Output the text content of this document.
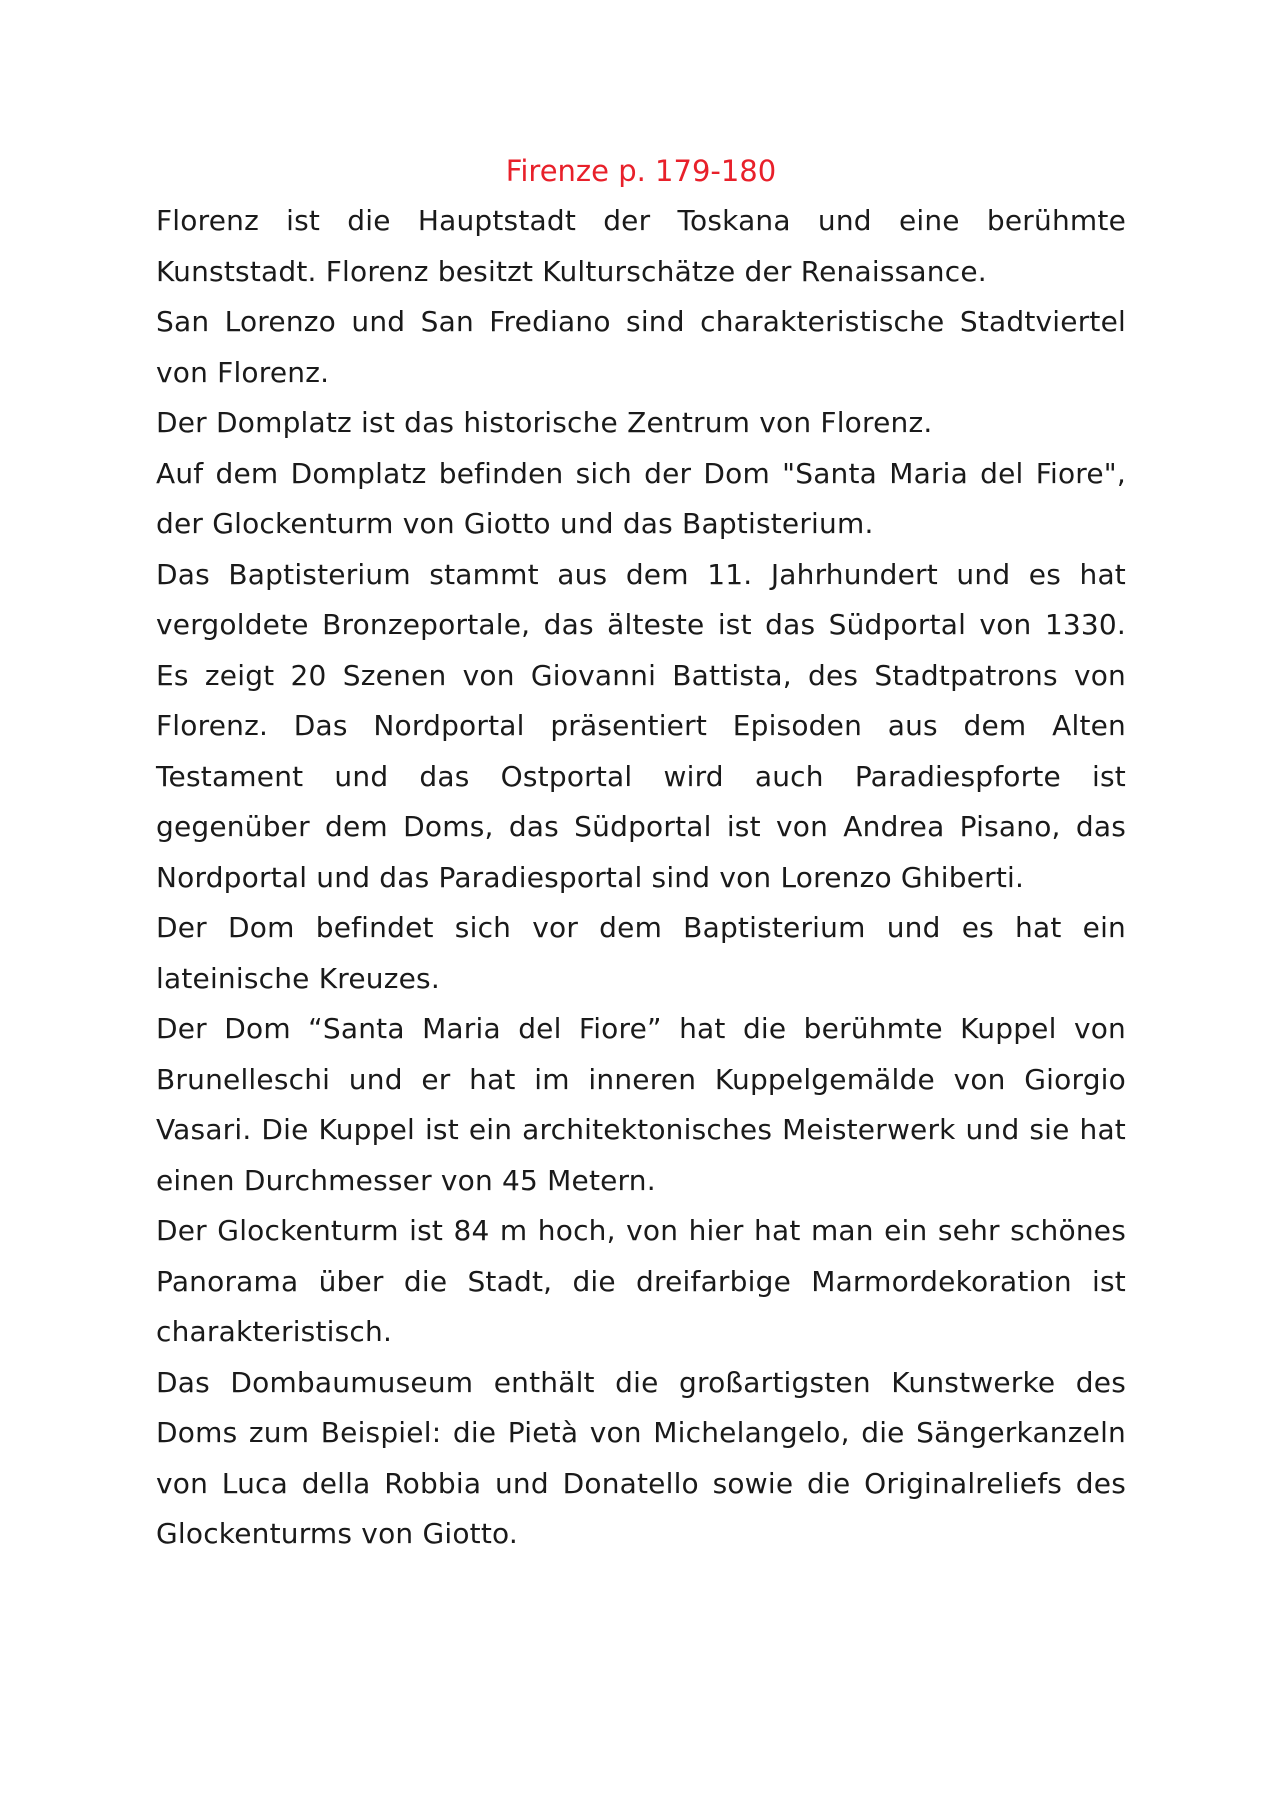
Firenze p. 179-180

Florenz ist die Hauptstadt der Toskana und eine berühmte Kunststadt. Florenz besitzt Kulturschätze der Renaissance.

San Lorenzo und San Frediano sind charakteristische Stadtviertel von Florenz.

Der Domplatz ist das historische Zentrum von Florenz.

Auf dem Domplatz befinden sich der Dom "Santa Maria del Fiore", der Glockenturm von Giotto und das Baptisterium.

Das Baptisterium stammt aus dem 11. Jahrhundert und es hat vergoldete Bronzeportale, das älteste ist das Südportal von 1330. Es zeigt 20 Szenen von Giovanni Battista, des Stadtpatrons von Florenz. Das Nordportal präsentiert Episoden aus dem Alten Testament und das Ostportal wird auch Paradiespforte ist gegenüber dem Doms, das Südportal ist von Andrea Pisano, das Nordportal und das Paradiesportal sind von Lorenzo Ghiberti.

Der Dom befindet sich vor dem Baptisterium und es hat ein lateinische Kreuzes.

Der Dom “Santa Maria del Fiore” hat die berühmte Kuppel von Brunelleschi und er hat im inneren Kuppelgemälde von Giorgio Vasari. Die Kuppel ist ein architektonisches Meisterwerk und sie hat einen Durchmesser von 45 Metern.

Der Glockenturm ist 84 m hoch, von hier hat man ein sehr schönes Panorama über die Stadt, die dreifarbige Marmordekoration ist charakteristisch.

Das Dombaumuseum enthält die großartigsten Kunstwerke des Doms zum Beispiel: die Pietà von Michelangelo, die Sängerkanzeln von Luca della Robbia und Donatello sowie die Originalreliefs des Glockenturms von Giotto.
